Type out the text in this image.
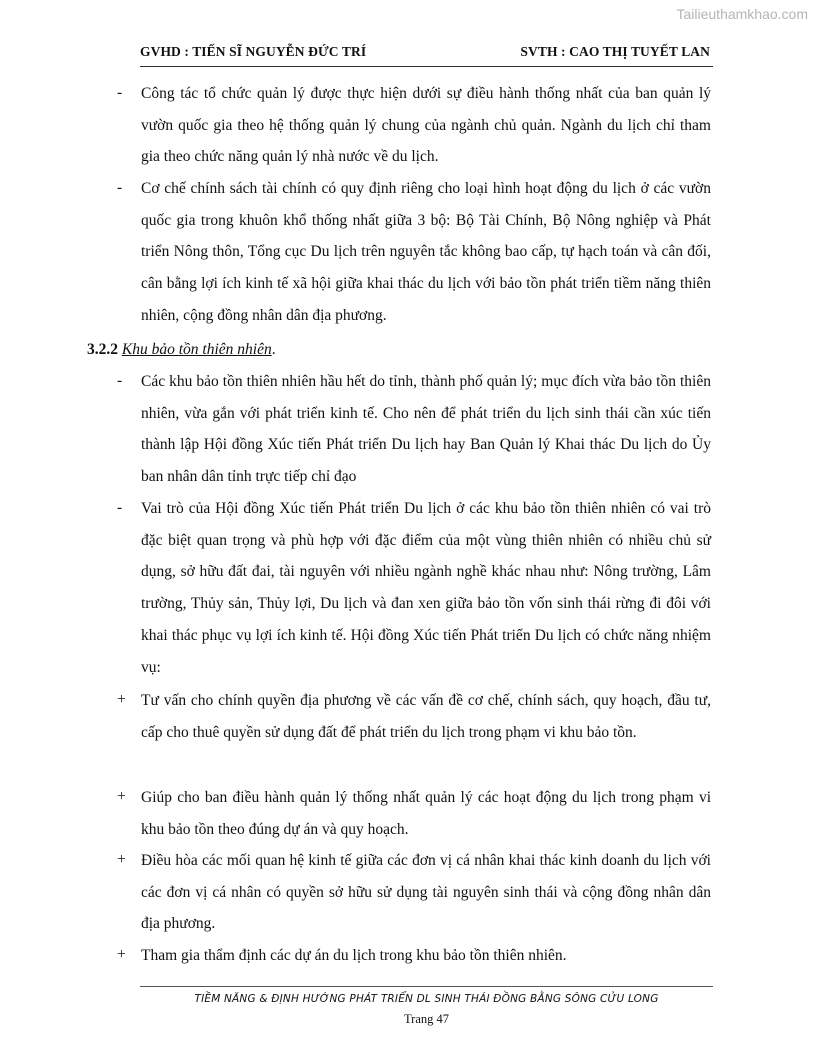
Tailieuthamkhao.com
GVHD : TIẾN SĨ NGUYỄN ĐỨC TRÍ	SVTH : CAO THỊ TUYẾT LAN
- Công tác tổ chức quản lý được thực hiện dưới sự điều hành thống nhất của ban quản lý vườn quốc gia theo hệ thống quản lý chung của ngành chủ quản. Ngành du lịch chỉ tham gia theo chức năng quản lý nhà nước về du lịch.
- Cơ chế chính sách tài chính có quy định riêng cho loại hình hoạt động du lịch ở các vườn quốc gia trong khuôn khổ thống nhất giữa 3 bộ: Bộ Tài Chính, Bộ Nông nghiệp và Phát triển Nông thôn, Tổng cục Du lịch trên nguyên tắc không bao cấp, tự hạch toán và cân đối, cân bằng lợi ích kinh tế xã hội giữa khai thác du lịch với bảo tồn phát triển tiềm năng thiên nhiên, cộng đồng nhân dân địa phương.
3.2.2 Khu bảo tồn thiên nhiên.
- Các khu bảo tồn thiên nhiên hầu hết do tỉnh, thành phố quản lý; mục đích vừa bảo tồn thiên nhiên, vừa gắn với phát triển kinh tế. Cho nên để phát triển du lịch sinh thái cần xúc tiến thành lập Hội đồng Xúc tiến Phát triển Du lịch hay Ban Quản lý Khai thác Du lịch do Ủy ban nhân dân tỉnh trực tiếp chỉ đạo
- Vai trò của Hội đồng Xúc tiến Phát triển Du lịch ở các khu bảo tồn thiên nhiên có vai trò đặc biệt quan trọng và phù hợp với đặc điểm của một vùng thiên nhiên có nhiều chủ sử dụng, sở hữu đất đai, tài nguyên với nhiều ngành nghề khác nhau như: Nông trường, Lâm trường, Thủy sản, Thủy lợi, Du lịch và đan xen giữa bảo tồn vốn sinh thái rừng đi đôi với khai thác phục vụ lợi ích kinh tế. Hội đồng Xúc tiến Phát triển Du lịch có chức năng nhiệm vụ:
+ Tư vấn cho chính quyền địa phương về các vấn đề cơ chế, chính sách, quy hoạch, đầu tư, cấp cho thuê quyền sử dụng đất để phát triển du lịch trong phạm vi khu bảo tồn.
+ Giúp cho ban điều hành quản lý thống nhất quản lý các hoạt động du lịch trong phạm vi khu bảo tồn theo đúng dự án và quy hoạch.
+ Điều hòa các mối quan hệ kinh tế giữa các đơn vị cá nhân khai thác kinh doanh du lịch với các đơn vị cá nhân có quyền sở hữu sử dụng tài nguyên sinh thái và cộng đồng nhân dân địa phương.
+ Tham gia thẩm định các dự án du lịch trong khu bảo tồn thiên nhiên.
TIỀM NĂNG & ĐỊNH HƯỚNG PHÁT TRIỂN DL SINH THÁI ĐỒNG BẰNG SÔNG CỬU LONG
Trang 47
